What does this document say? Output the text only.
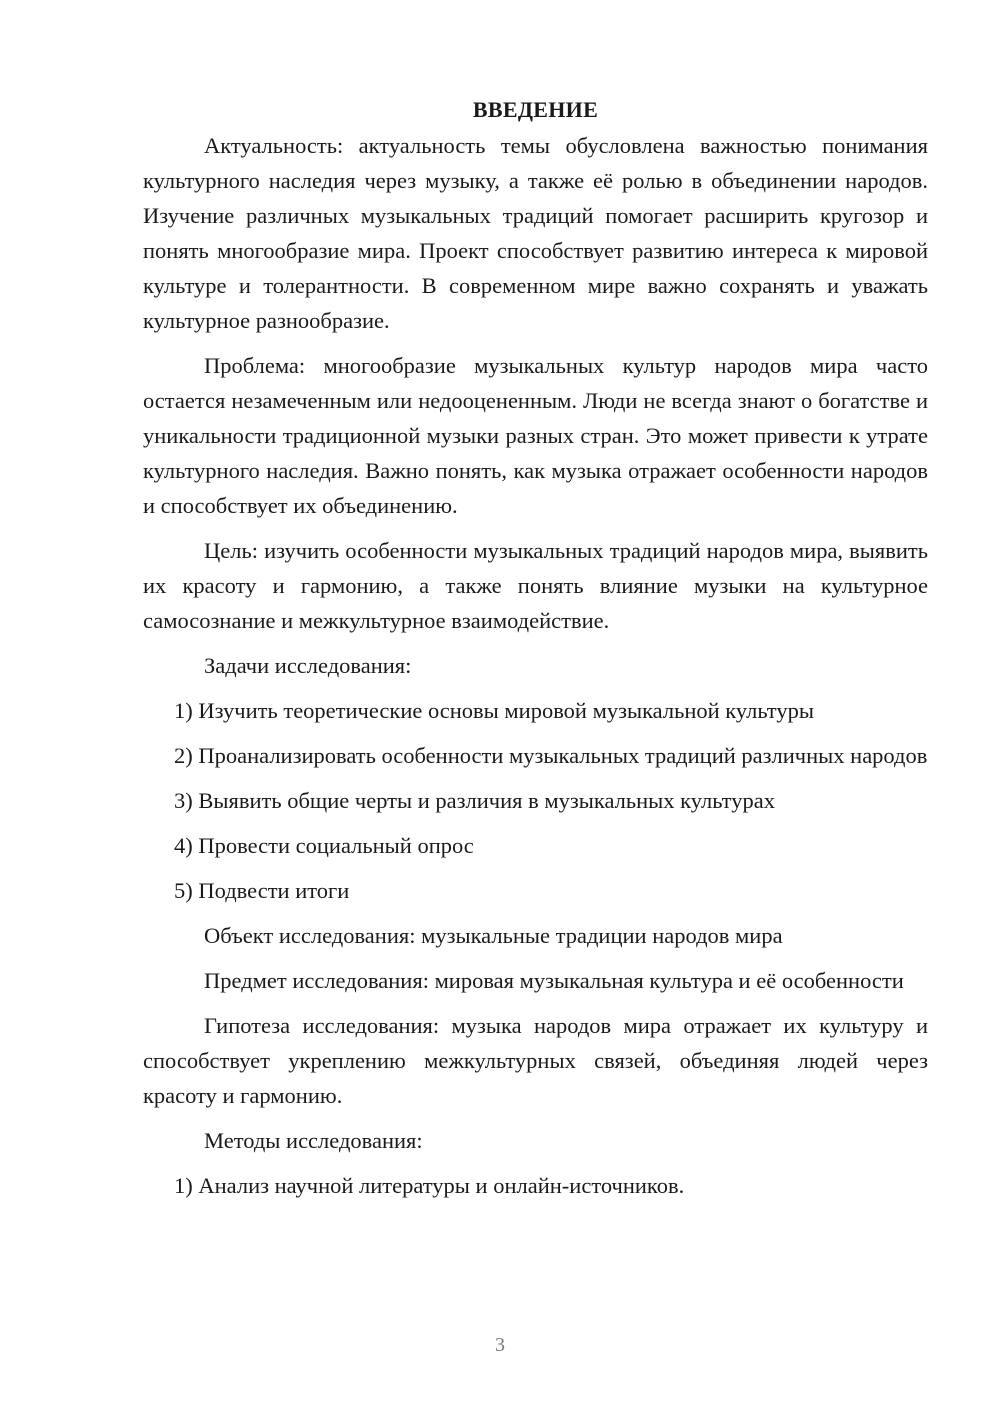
ВВЕДЕНИЕ

Актуальность: актуальность темы обусловлена важностью понимания культурного наследия через музыку, а также её ролью в объединении народов. Изучение различных музыкальных традиций помогает расширить кругозор и понять многообразие мира. Проект способствует развитию интереса к мировой культуре и толерантности. В современном мире важно сохранять и уважать культурное разнообразие.

Проблема: многообразие музыкальных культур народов мира часто остается незамеченным или недооцененным. Люди не всегда знают о богатстве и уникальности традиционной музыки разных стран. Это может привести к утрате культурного наследия. Важно понять, как музыка отражает особенности народов и способствует их объединению.

Цель: изучить особенности музыкальных традиций народов мира, выявить их красоту и гармонию, а также понять влияние музыки на культурное самосознание и межкультурное взаимодействие.

Задачи исследования:

1) Изучить теоретические основы мировой музыкальной культуры

2) Проанализировать особенности музыкальных традиций различных народов

3) Выявить общие черты и различия в музыкальных культурах

4) Провести социальный опрос

5) Подвести итоги

Объект исследования: музыкальные традиции народов мира

Предмет исследования: мировая музыкальная культура и её особенности

Гипотеза исследования: музыка народов мира отражает их культуру и способствует укреплению межкультурных связей, объединяя людей через красоту и гармонию.

Методы исследования:

1) Анализ научной литературы и онлайн-источников.

3
